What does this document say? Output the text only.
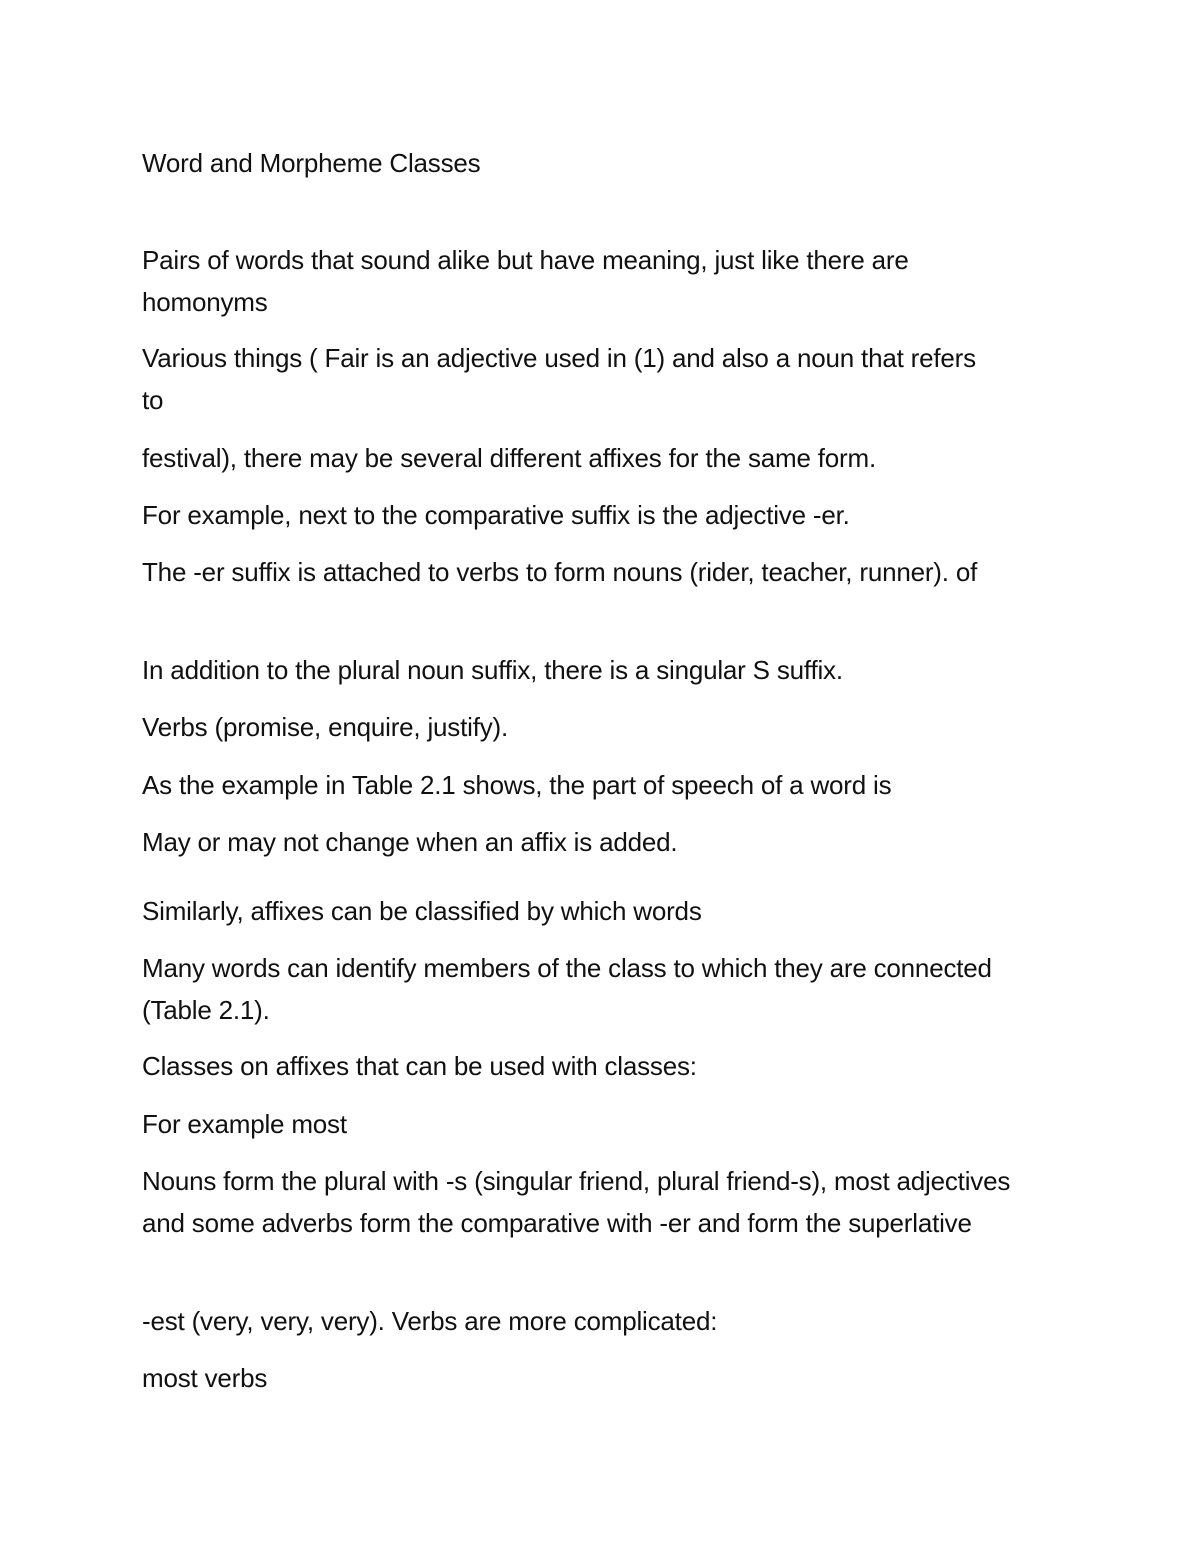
Word and Morpheme Classes
Pairs of words that sound alike but have meaning, just like there are homonyms
Various things ( Fair is an adjective used in (1) and also a noun that refers to
festival), there may be several different affixes for the same form.
For example, next to the comparative suffix is the adjective -er.
The -er suffix is attached to verbs to form nouns (rider, teacher, runner). of
In addition to the plural noun suffix, there is a singular S suffix.
Verbs (promise, enquire, justify).
As the example in Table 2.1 shows, the part of speech of a word is
May or may not change when an affix is added.
Similarly, affixes can be classified by which words
Many words can identify members of the class to which they are connected (Table 2.1).
Classes on affixes that can be used with classes:
For example most
Nouns form the plural with -s (singular friend, plural friend-s), most adjectives and some adverbs form the comparative with -er and form the superlative
-est (very, very, very). Verbs are more complicated:
most verbs
